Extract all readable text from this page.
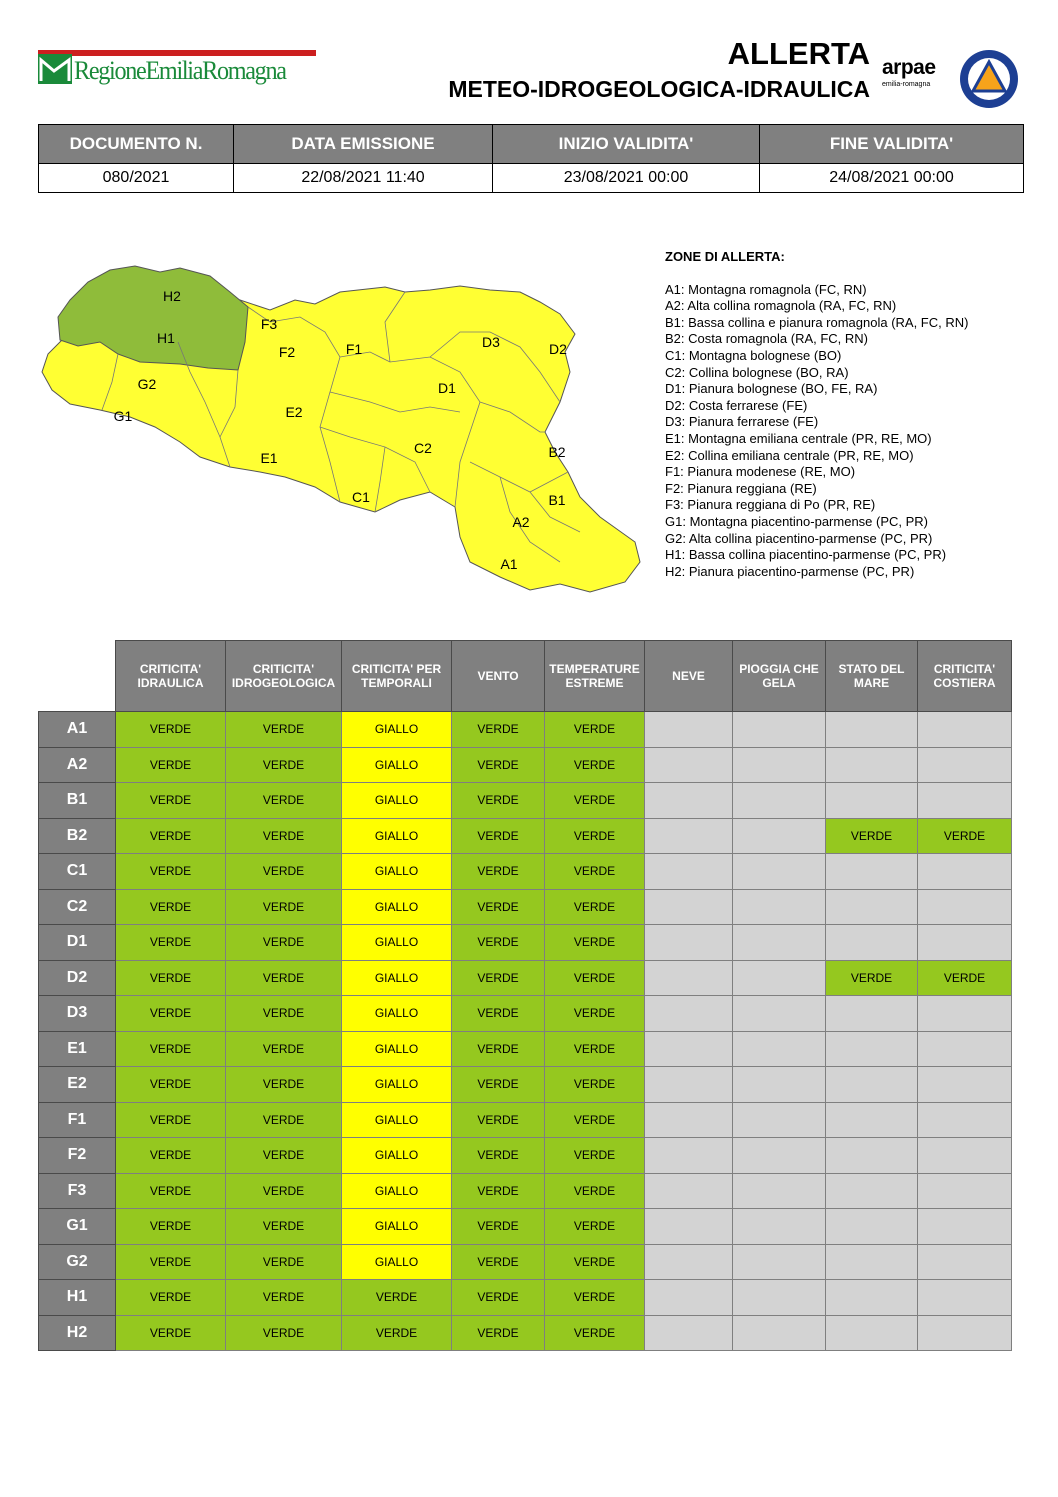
RegioneEmiliaRomagna	ALLERTA
METEO-IDROGEOLOGICA-IDRAULICA
arpae
emilia-romagna
DOCUMENTO N.	DATA EMISSIONE	INIZIO VALIDITA'	FINE VALIDITA'
080/2021	22/08/2021 11:40	23/08/2021 00:00	24/08/2021 00:00
H2
H1
G2
G1
F3
F2	F1
E2
E1
D3	D2
D1
C2
C1
B2
B1
A2
A1
ZONE DI ALLERTA:
A1: Montagna romagnola (FC, RN)
A2: Alta collina romagnola (RA, FC, RN)
B1: Bassa collina e pianura romagnola (RA, FC, RN)
B2: Costa romagnola (RA, FC, RN)
C1: Montagna bolognese (BO)
C2: Collina bolognese (BO, RA)
D1: Pianura bolognese (BO, FE, RA)
D2: Costa ferrarese (FE)
D3: Pianura ferrarese (FE)
E1: Montagna emiliana centrale (PR, RE, MO)
E2: Collina emiliana centrale (PR, RE, MO)
F1: Pianura modenese (RE, MO)
F2: Pianura reggiana (RE)
F3: Pianura reggiana di Po (PR, RE)
G1: Montagna piacentino-parmense (PC, PR)
G2: Alta collina piacentino-parmense (PC, PR)
H1: Bassa collina piacentino-parmense (PC, PR)
H2: Pianura piacentino-parmense (PC, PR)
	CRITICITA' IDRAULICA	CRITICITA' IDROGEOLOGICA	CRITICITA' PER TEMPORALI	VENTO	TEMPERATURE ESTREME	NEVE	PIOGGIA CHE GELA	STATO DEL MARE	CRITICITA' COSTIERA
A1	VERDE	VERDE	GIALLO	VERDE	VERDE				
A2	VERDE	VERDE	GIALLO	VERDE	VERDE				
B1	VERDE	VERDE	GIALLO	VERDE	VERDE				
B2	VERDE	VERDE	GIALLO	VERDE	VERDE			VERDE	VERDE
C1	VERDE	VERDE	GIALLO	VERDE	VERDE				
C2	VERDE	VERDE	GIALLO	VERDE	VERDE				
D1	VERDE	VERDE	GIALLO	VERDE	VERDE				
D2	VERDE	VERDE	GIALLO	VERDE	VERDE			VERDE	VERDE
D3	VERDE	VERDE	GIALLO	VERDE	VERDE				
E1	VERDE	VERDE	GIALLO	VERDE	VERDE				
E2	VERDE	VERDE	GIALLO	VERDE	VERDE				
F1	VERDE	VERDE	GIALLO	VERDE	VERDE				
F2	VERDE	VERDE	GIALLO	VERDE	VERDE				
F3	VERDE	VERDE	GIALLO	VERDE	VERDE				
G1	VERDE	VERDE	GIALLO	VERDE	VERDE				
G2	VERDE	VERDE	GIALLO	VERDE	VERDE				
H1	VERDE	VERDE	VERDE	VERDE	VERDE				
H2	VERDE	VERDE	VERDE	VERDE	VERDE				
